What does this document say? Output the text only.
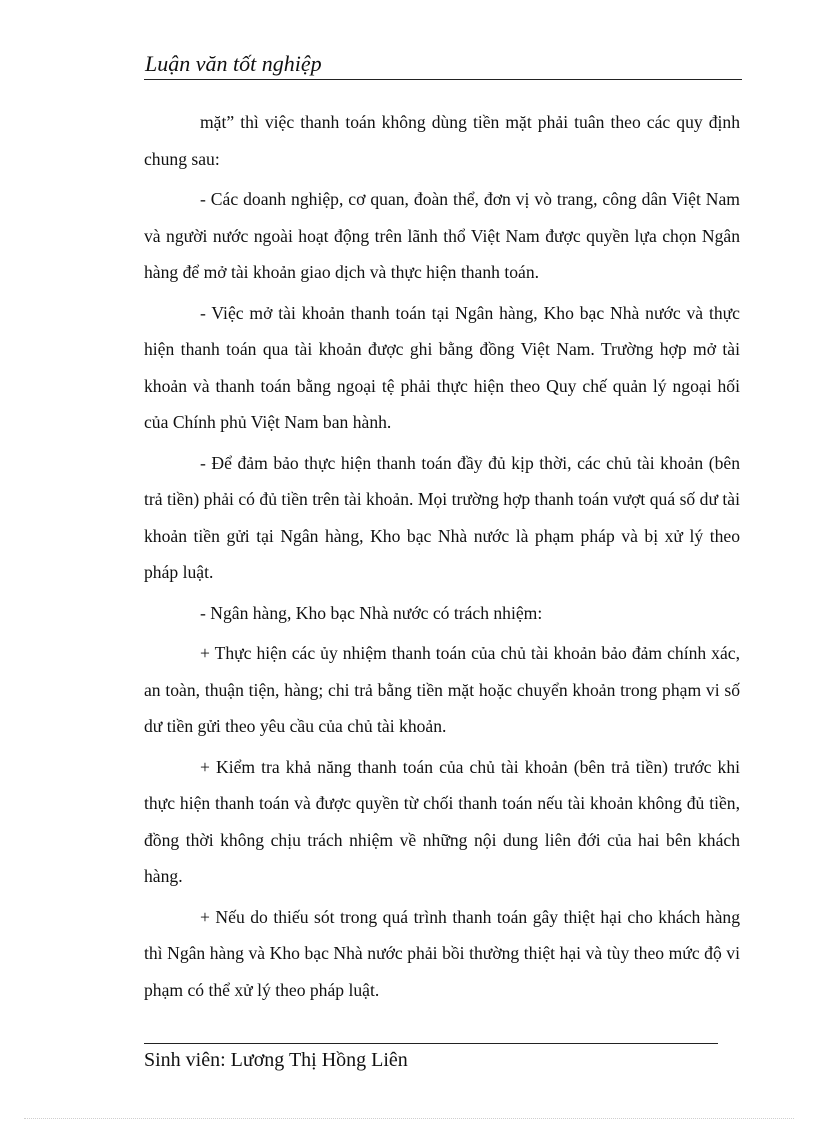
Luận văn tốt nghiệp

mặt” thì việc thanh toán không dùng tiền mặt phải tuân theo các quy định chung sau:

- Các doanh nghiệp, cơ quan, đoàn thể, đơn vị vò trang, công dân Việt Nam và người nước ngoài hoạt động trên lãnh thổ Việt Nam được quyền lựa chọn Ngân hàng để mở tài khoản giao dịch và thực hiện thanh toán.

- Việc mở tài khoản thanh toán tại Ngân hàng, Kho bạc Nhà nước và thực hiện thanh toán qua tài khoản được ghi bằng đồng Việt Nam. Trường hợp mở tài khoản và thanh toán bằng ngoại tệ phải thực hiện theo Quy chế quản lý ngoại hối của Chính phủ Việt Nam ban hành.

- Để đảm bảo thực hiện thanh toán đầy đủ kịp thời, các chủ tài khoản (bên trả tiền) phải có đủ tiền trên tài khoản. Mọi trường hợp thanh toán vượt quá số dư tài khoản tiền gửi tại Ngân hàng, Kho bạc Nhà nước là phạm pháp và bị xử lý theo pháp luật.

- Ngân hàng, Kho bạc Nhà nước có trách nhiệm:

+ Thực hiện các ủy nhiệm thanh toán của chủ tài khoản bảo đảm chính xác, an toàn, thuận tiện, hàng; chi trả bằng tiền mặt hoặc chuyển khoản trong phạm vi số dư tiền gửi theo yêu cầu của chủ tài khoản.

+ Kiểm tra khả năng thanh toán của chủ tài khoản (bên trả tiền) trước khi thực hiện thanh toán và được quyền từ chối thanh toán nếu tài khoản không đủ tiền, đồng thời không chịu trách nhiệm về những nội dung liên đới của hai bên khách hàng.

+ Nếu do thiếu sót trong quá trình thanh toán gây thiệt hại cho khách hàng thì Ngân hàng và Kho bạc Nhà nước phải bồi thường thiệt hại và tùy theo mức độ vi phạm có thể xử lý theo pháp luật.

Sinh viên: Lương Thị Hồng Liên
